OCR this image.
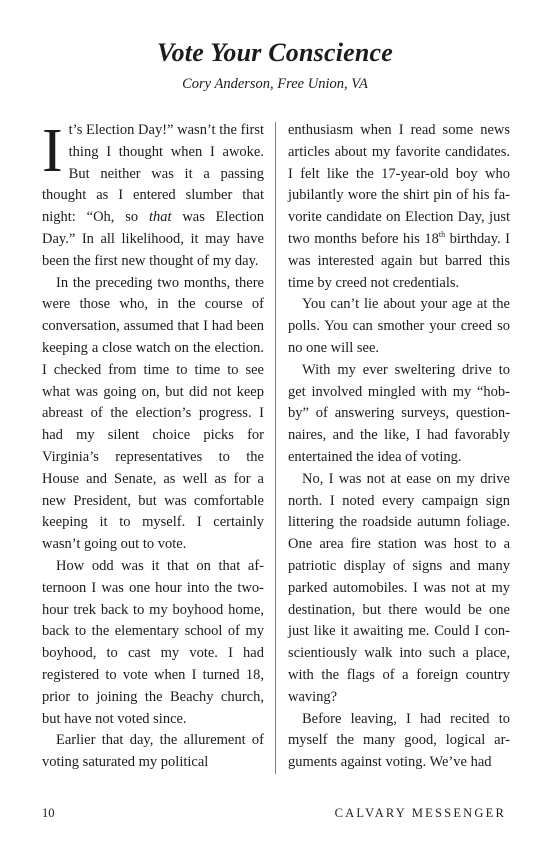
Vote Your Conscience
Cory Anderson, Free Union, VA

It’s Election Day!” wasn’t the first thing I thought when I awoke. But neither was it a passing thought as I entered slumber that night: “Oh, so that was Election Day.” In all likelihood, it may have been the first new thought of my day.

In the preceding two months, there were those who, in the course of conversation, assumed that I had been keeping a close watch on the election. I checked from time to time to see what was going on, but did not keep abreast of the election’s progress. I had my silent choice picks for Virginia’s representatives to the House and Senate, as well as for a new President, but was comfortable keeping it to myself. I certainly wasn’t going out to vote.

How odd was it that on that af-ternoon I was one hour into the two-hour trek back to my boyhood home, back to the elementary school of my boyhood, to cast my vote. I had registered to vote when I turned 18, prior to joining the Beachy church, but have not voted since.

Earlier that day, the allurement of voting saturated my political

enthusiasm when I read some news articles about my favorite candidates. I felt like the 17-year-old boy who jubilantly wore the shirt pin of his fa-vorite candidate on Election Day, just two months before his 18th birthday. I was interested again but barred this time by creed not credentials.

You can’t lie about your age at the polls. You can smother your creed so no one will see.

With my ever sweltering drive to get involved mingled with my “hob-by” of answering surveys, question-naires, and the like, I had favorably entertained the idea of voting.

No, I was not at ease on my drive north. I noted every campaign sign littering the roadside autumn foliage. One area fire station was host to a patriotic display of signs and many parked automobiles. I was not at my destination, but there would be one just like it awaiting me. Could I con-scientiously walk into such a place, with the flags of a foreign country waving?

Before leaving, I had recited to myself the many good, logical ar-guments against voting. We’ve had

10	CALVARY MESSENGER
